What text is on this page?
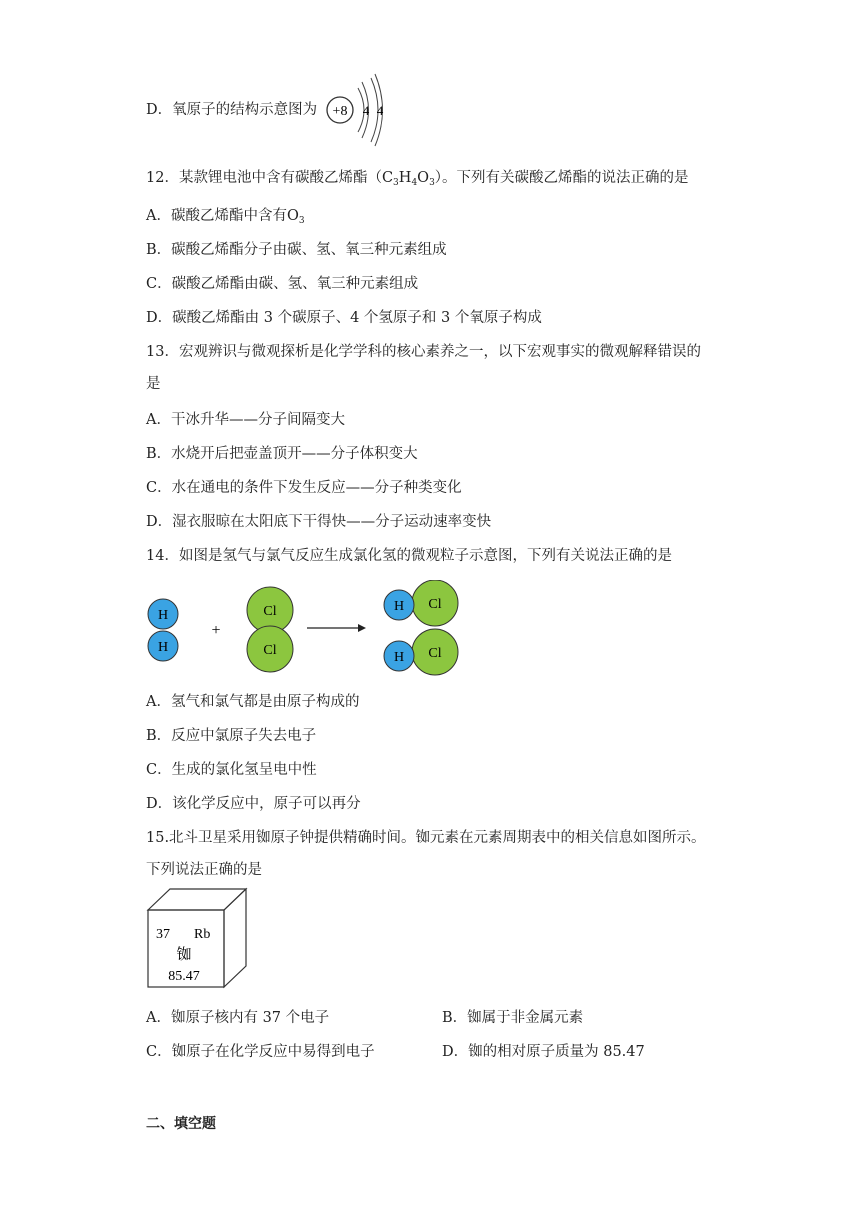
D．氧原子的结构示意图为 +8 4 4
12．某款锂电池中含有碳酸乙烯酯$(C_3H_4O_3)$。下列有关碳酸乙烯酯的说法正确的是
A．碳酸乙烯酯中含有$O_3$
B．碳酸乙烯酯分子由碳、氢、氧三种元素组成
C．碳酸乙烯酯由碳、氢、氧三种元素组成
D．碳酸乙烯酯由 3 个碳原子、4 个氢原子和 3 个氧原子构成
13．宏观辨识与微观探析是化学学科的核心素养之一，以下宏观事实的微观解释错误的
是
A．干冰升华——分子间隔变大
B．水烧开后把壶盖顶开——分子体积变大
C．水在通电的条件下发生反应——分子种类变化
D．湿衣服晾在太阳底下干得快——分子运动速率变快
14．如图是氢气与氯气反应生成氯化氢的微观粒子示意图，下列有关说法正确的是
H
H
+
Cl
Cl
Cl
H
Cl
H
A．氢气和氯气都是由原子构成的
B．反应中氯原子失去电子
C．生成的氯化氢呈电中性
D．该化学反应中，原子可以再分
15.北斗卫星采用铷原子钟提供精确时间。铷元素在元素周期表中的相关信息如图所示。
下列说法正确的是
37 Rb
铷
85.47
A．铷原子核内有 37 个电子	B．铷属于非金属元素
C．铷原子在化学反应中易得到电子	D．铷的相对原子质量为 85.47
二、填空题
